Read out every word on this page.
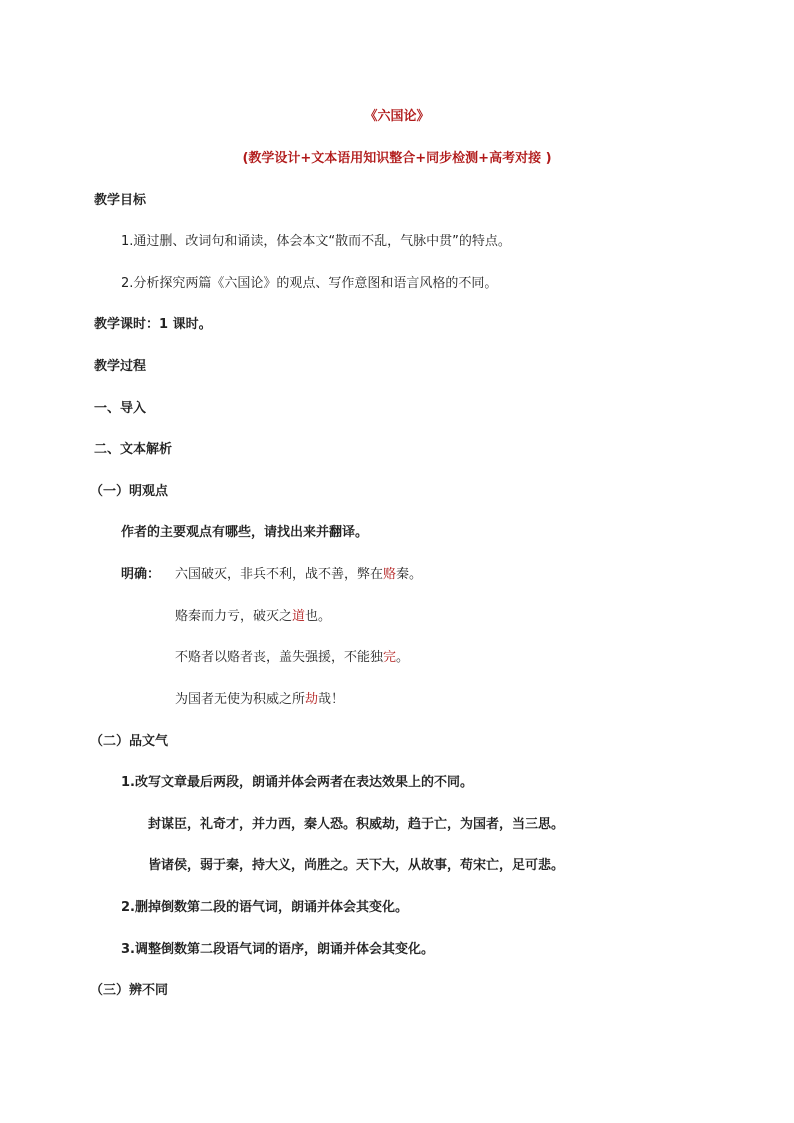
《六国论》
(教学设计+文本语用知识整合+同步检测+高考对接 )
教学目标
1.通过删、改词句和诵读，体会本文“散而不乱，气脉中贯”的特点。
2.分析探究两篇《六国论》的观点、写作意图和语言风格的不同。
教学课时：1 课时。
教学过程
一、导入
二、文本解析
（一）明观点
作者的主要观点有哪些，请找出来并翻译。
明确： 六国破灭，非兵不利，战不善，弊在赂秦。
赂秦而力亏，破灭之道也。
不赂者以赂者丧，盖失强援，不能独完。
为国者无使为积威之所劫哉！
（二）品文气
1.改写文章最后两段，朗诵并体会两者在表达效果上的不同。
封谋臣，礼奇才，并力西，秦人恐。积威劫，趋于亡，为国者，当三思。
皆诸侯，弱于秦，持大义，尚胜之。天下大，从故事，苟宋亡，足可悲。
2.删掉倒数第二段的语气词，朗诵并体会其变化。
3.调整倒数第二段语气词的语序，朗诵并体会其变化。
（三）辨不同
